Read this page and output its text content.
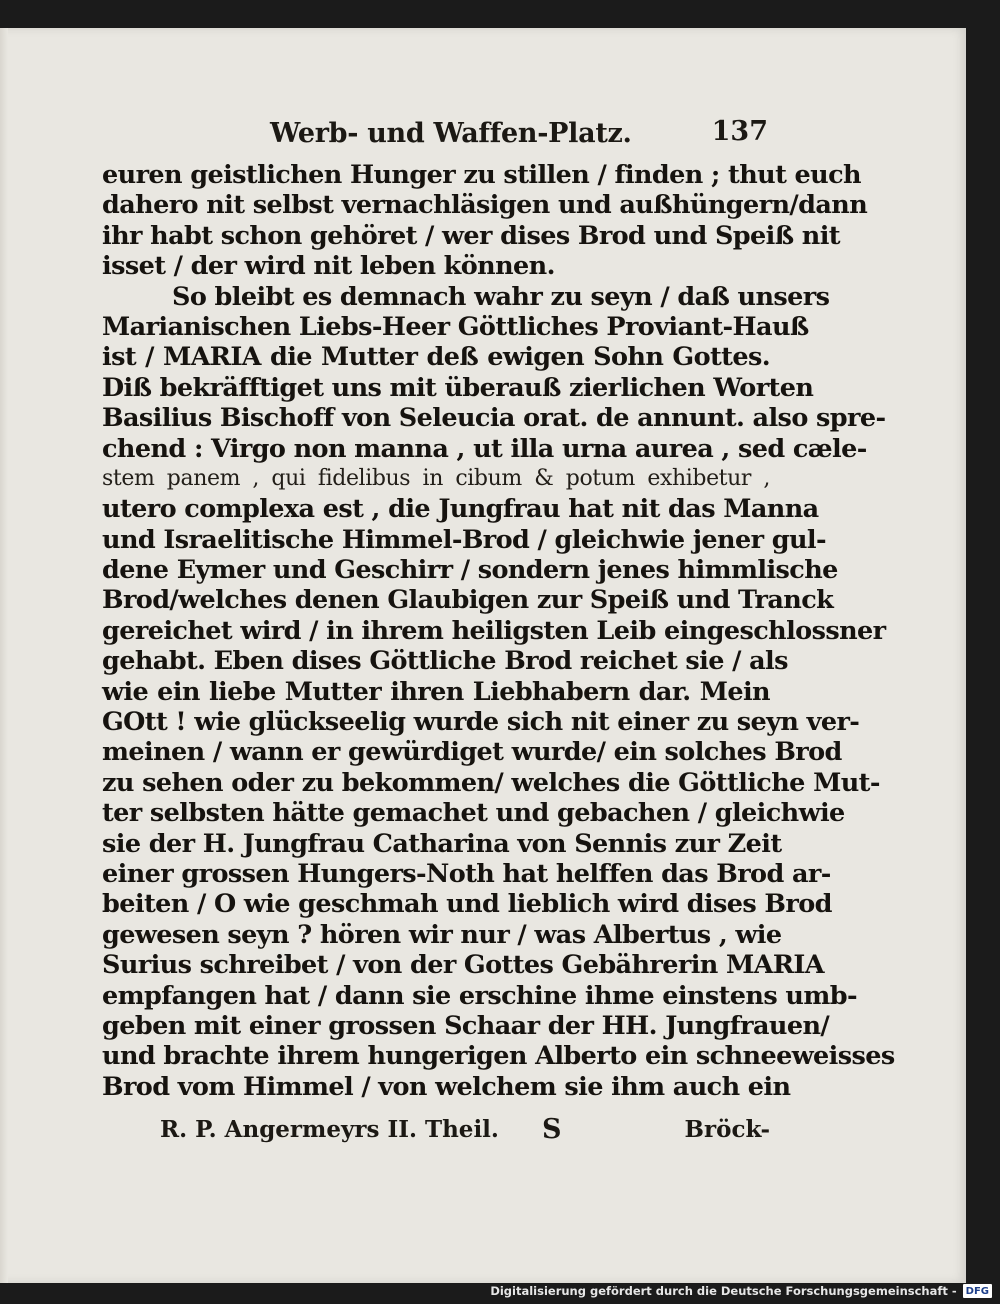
Werb- und Waffen-Platz.	137
euren geistlichen Hunger zu stillen / finden ; thut euch
dahero nit selbst vernachläsigen und außhüngern/dann
ihr habt schon gehöret / wer dises Brod und Speiß nit
isset / der wird nit leben können.
So bleibt es demnach wahr zu seyn / daß unsers
Marianischen Liebs-Heer Göttliches Proviant-Hauß
ist / MARIA die Mutter deß ewigen Sohn Gottes.
Diß bekräfftiget uns mit überauß zierlichen Worten
Basilius Bischoff von Seleucia orat. de annunt. also spre-
chend : Virgo non manna , ut illa urna aurea , sed cæle-
stem panem , qui fidelibus in cibum & potum exhibetur ,
utero complexa est , die Jungfrau hat nit das Manna
und Israelitische Himmel-Brod / gleichwie jener gul-
dene Eymer und Geschirr / sondern jenes himmlische
Brod/welches denen Glaubigen zur Speiß und Tranck
gereichet wird / in ihrem heiligsten Leib eingeschlossner
gehabt. Eben dises Göttliche Brod reichet sie / als
wie ein liebe Mutter ihren Liebhabern dar. Mein
GOtt ! wie glückseelig wurde sich nit einer zu seyn ver-
meinen / wann er gewürdiget wurde/ ein solches Brod
zu sehen oder zu bekommen/ welches die Göttliche Mut-
ter selbsten hätte gemachet und gebachen / gleichwie
sie der H. Jungfrau Catharina von Sennis zur Zeit
einer grossen Hungers-Noth hat helffen das Brod ar-
beiten / O wie geschmah und lieblich wird dises Brod
gewesen seyn ? hören wir nur / was Albertus , wie
Surius schreibet / von der Gottes Gebährerin MARIA
empfangen hat / dann sie erschine ihme einstens umb-
geben mit einer grossen Schaar der HH. Jungfrauen/
und brachte ihrem hungerigen Alberto ein schneeweisses
Brod vom Himmel / von welchem sie ihm auch ein
R. P. Angermeyrs II. Theil. S	Bröck-
Digitalisierung gefördert durch die Deutsche Forschungsgemeinschaft - DFG
